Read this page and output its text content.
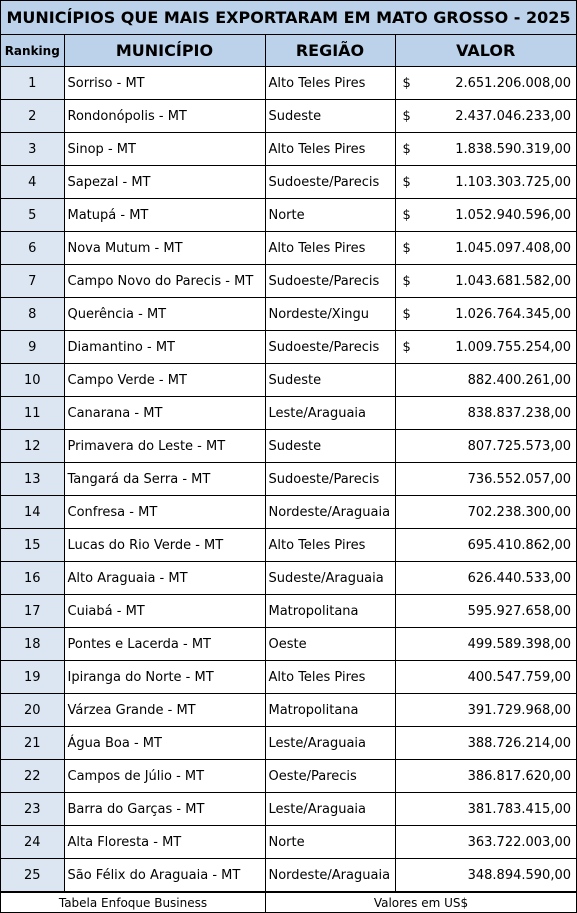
MUNICÍPIOS QUE MAIS EXPORTARAM EM MATO GROSSO - 2025
Ranking	MUNICÍPIO	REGIÃO	VALOR
1	Sorriso - MT	Alto Teles Pires	$ 2.651.206.008,00

2	Rondonópolis - MT	Sudeste	$ 2.437.046.233,00

3	Sinop - MT	Alto Teles Pires	$ 1.838.590.319,00

4	Sapezal - MT	Sudoeste/Parecis	$ 1.103.303.725,00

5	Matupá - MT	Norte	$ 1.052.940.596,00

6	Nova Mutum - MT	Alto Teles Pires	$ 1.045.097.408,00

7	Campo Novo do Parecis - MT	Sudoeste/Parecis	$ 1.043.681.582,00

8	Querência - MT	Nordeste/Xingu	$ 1.026.764.345,00

9	Diamantino - MT	Sudoeste/Parecis	$ 1.009.755.254,00

10	Campo Verde - MT	Sudeste	882.400.261,00

11	Canarana - MT	Leste/Araguaia	838.837.238,00

12	Primavera do Leste - MT	Sudeste	807.725.573,00

13	Tangará da Serra - MT	Sudoeste/Parecis	736.552.057,00

14	Confresa - MT	Nordeste/Araguaia	702.238.300,00

15	Lucas do Rio Verde - MT	Alto Teles Pires	695.410.862,00

16	Alto Araguaia - MT	Sudeste/Araguaia	626.440.533,00

17	Cuiabá - MT	Matropolitana	595.927.658,00

18	Pontes e Lacerda - MT	Oeste	499.589.398,00

19	Ipiranga do Norte - MT	Alto Teles Pires	400.547.759,00

20	Várzea Grande - MT	Matropolitana	391.729.968,00

21	Água Boa - MT	Leste/Araguaia	388.726.214,00

22	Campos de Júlio - MT	Oeste/Parecis	386.817.620,00

23	Barra do Garças - MT	Leste/Araguaia	381.783.415,00

24	Alta Floresta - MT	Norte	363.722.003,00

25	São Félix do Araguaia - MT	Nordeste/Araguaia	348.894.590,00
Tabela Enfoque Business	Valores em US$
